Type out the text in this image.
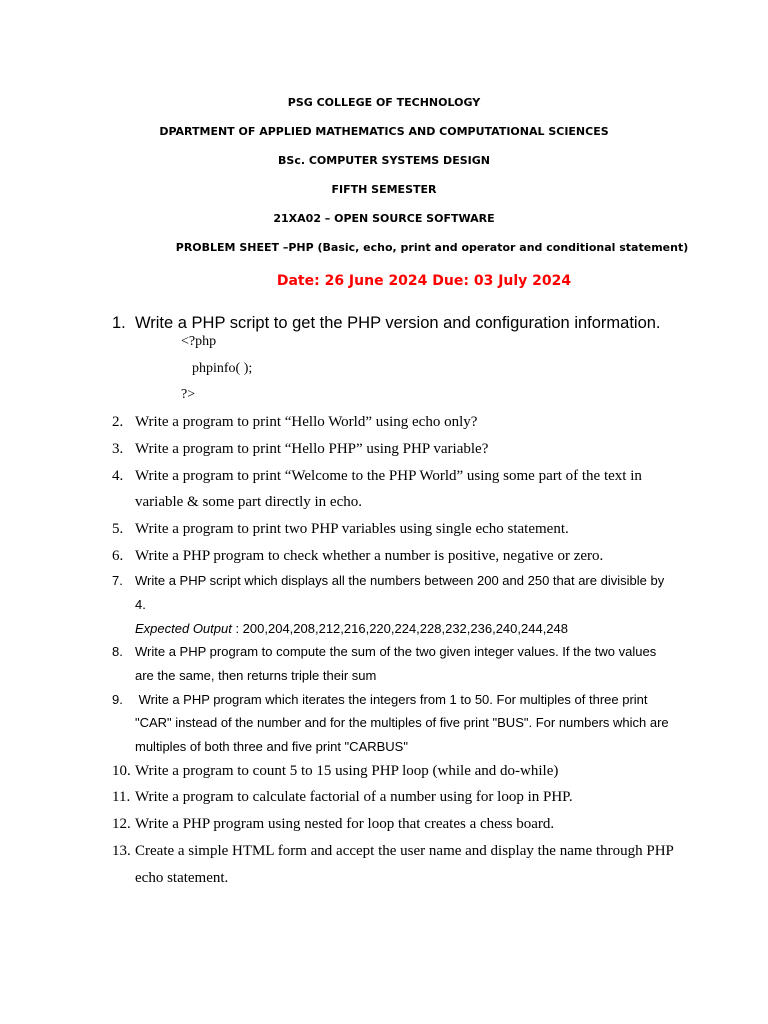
PSG COLLEGE OF TECHNOLOGY
DPARTMENT OF APPLIED MATHEMATICS AND COMPUTATIONAL SCIENCES
BSc. COMPUTER SYSTEMS DESIGN
FIFTH SEMESTER
21XA02 – OPEN SOURCE SOFTWARE
PROBLEM SHEET –PHP (Basic, echo, print and operator and conditional statement)
Date: 26 June 2024 Due: 03 July 2024
1. Write a PHP script to get the PHP version and configuration information.
<?php
phpinfo( );
?>
2. Write a program to print “Hello World” using echo only?
3. Write a program to print “Hello PHP” using PHP variable?
4. Write a program to print “Welcome to the PHP World” using some part of the text in
variable & some part directly in echo.
5. Write a program to print two PHP variables using single echo statement.
6. Write a PHP program to check whether a number is positive, negative or zero.
7. Write a PHP script which displays all the numbers between 200 and 250 that are divisible by
4.
Expected Output : 200,204,208,212,216,220,224,228,232,236,240,244,248
8. Write a PHP program to compute the sum of the two given integer values. If the two values
are the same, then returns triple their sum
9. Write a PHP program which iterates the integers from 1 to 50. For multiples of three print
"CAR" instead of the number and for the multiples of five print "BUS". For numbers which are
multiples of both three and five print "CARBUS"
10. Write a program to count 5 to 15 using PHP loop (while and do-while)
11. Write a program to calculate factorial of a number using for loop in PHP.
12. Write a PHP program using nested for loop that creates a chess board.
13. Create a simple HTML form and accept the user name and display the name through PHP
echo statement.
